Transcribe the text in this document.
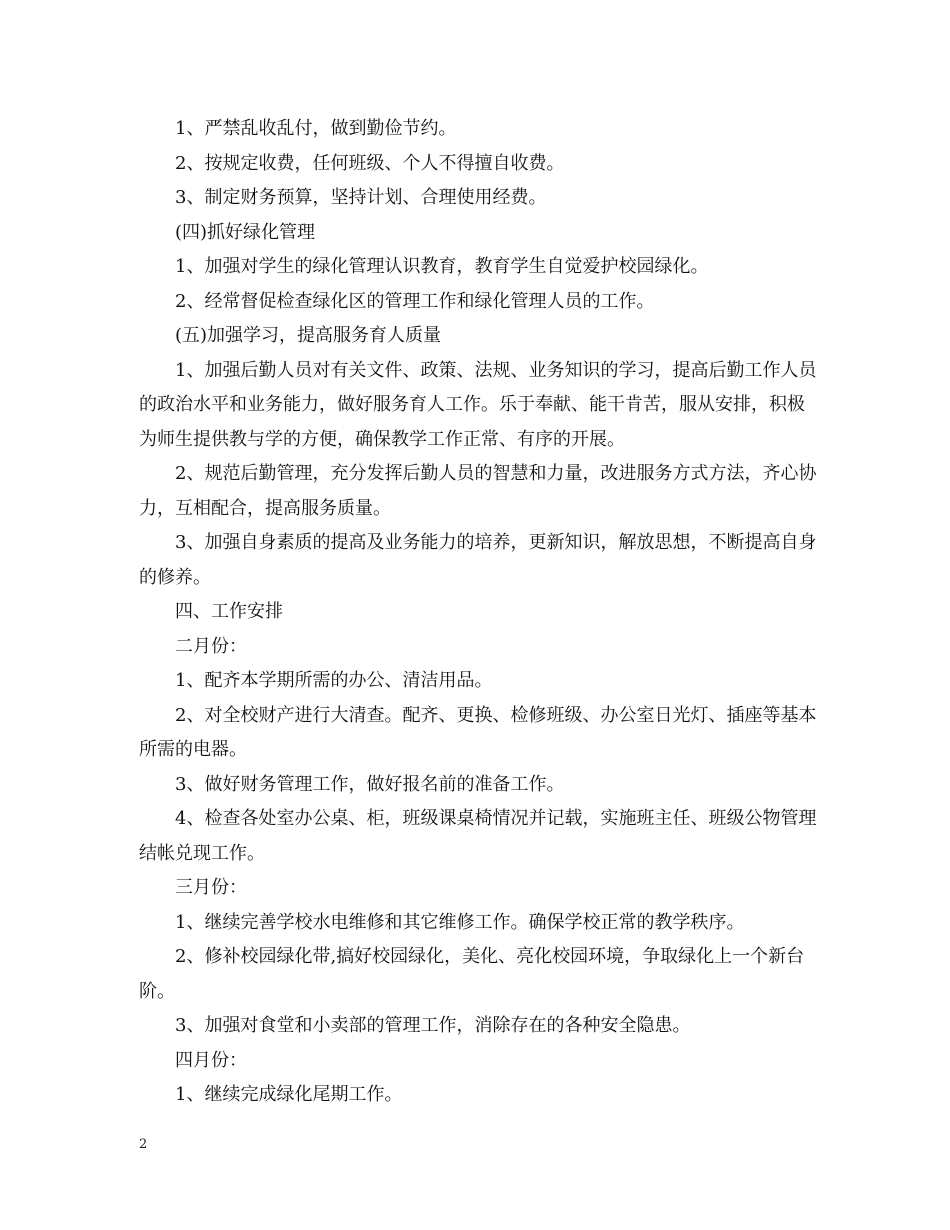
1、严禁乱收乱付，做到勤俭节约。

2、按规定收费，任何班级、个人不得擅自收费。

3、制定财务预算，坚持计划、合理使用经费。

(四)抓好绿化管理

1、加强对学生的绿化管理认识教育，教育学生自觉爱护校园绿化。

2、经常督促检查绿化区的管理工作和绿化管理人员的工作。

(五)加强学习，提高服务育人质量

1、加强后勤人员对有关文件、政策、法规、业务知识的学习，提高后勤工作人员的政治水平和业务能力，做好服务育人工作。乐于奉献、能干肯苦，服从安排，积极为师生提供教与学的方便，确保教学工作正常、有序的开展。

2、规范后勤管理，充分发挥后勤人员的智慧和力量，改进服务方式方法，齐心协力，互相配合，提高服务质量。

3、加强自身素质的提高及业务能力的培养，更新知识，解放思想，不断提高自身的修养。

四、工作安排

二月份：

1、配齐本学期所需的办公、清洁用品。

2、对全校财产进行大清查。配齐、更换、检修班级、办公室日光灯、插座等基本所需的电器。

3、做好财务管理工作，做好报名前的准备工作。

4、检查各处室办公桌、柜，班级课桌椅情况并记载，实施班主任、班级公物管理结帐兑现工作。

三月份：

1、继续完善学校水电维修和其它维修工作。确保学校正常的教学秩序。

2、修补校园绿化带,搞好校园绿化，美化、亮化校园环境，争取绿化上一个新台阶。

3、加强对食堂和小卖部的管理工作，消除存在的各种安全隐患。

四月份：

1、继续完成绿化尾期工作。

2
